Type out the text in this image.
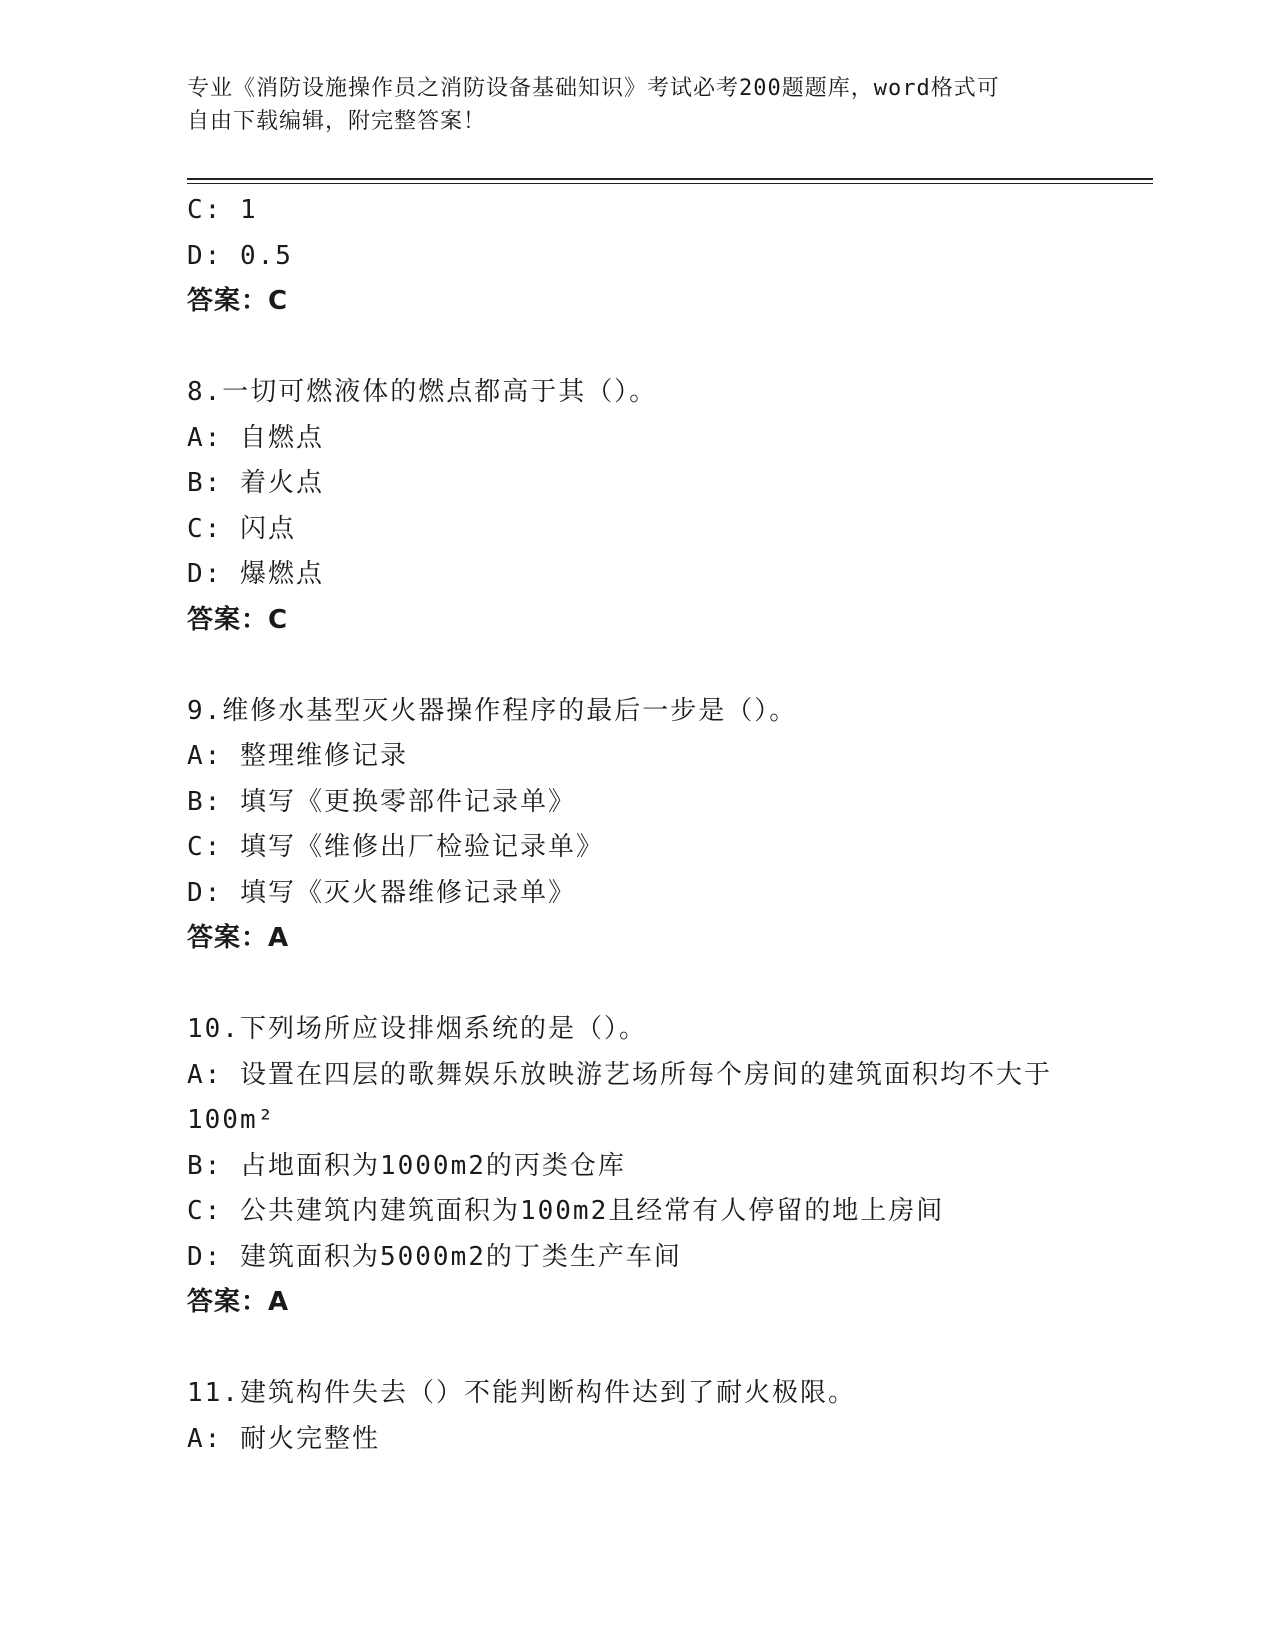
专业《消防设施操作员之消防设备基础知识》考试必考200题题库，word格式可
自由下载编辑，附完整答案！
C: 1
D: 0.5
答案：C
8.一切可燃液体的燃点都高于其（）。
A: 自燃点
B: 着火点
C: 闪点
D: 爆燃点
答案：C
9.维修水基型灭火器操作程序的最后一步是（）。
A: 整理维修记录
B: 填写《更换零部件记录单》
C: 填写《维修出厂检验记录单》
D: 填写《灭火器维修记录单》
答案：A
10.下列场所应设排烟系统的是（）。
A: 设置在四层的歌舞娱乐放映游艺场所每个房间的建筑面积均不大于
100m²
B: 占地面积为1000m2的丙类仓库
C: 公共建筑内建筑面积为100m2且经常有人停留的地上房间
D: 建筑面积为5000m2的丁类生产车间
答案：A
11.建筑构件失去（）不能判断构件达到了耐火极限。
A: 耐火完整性
